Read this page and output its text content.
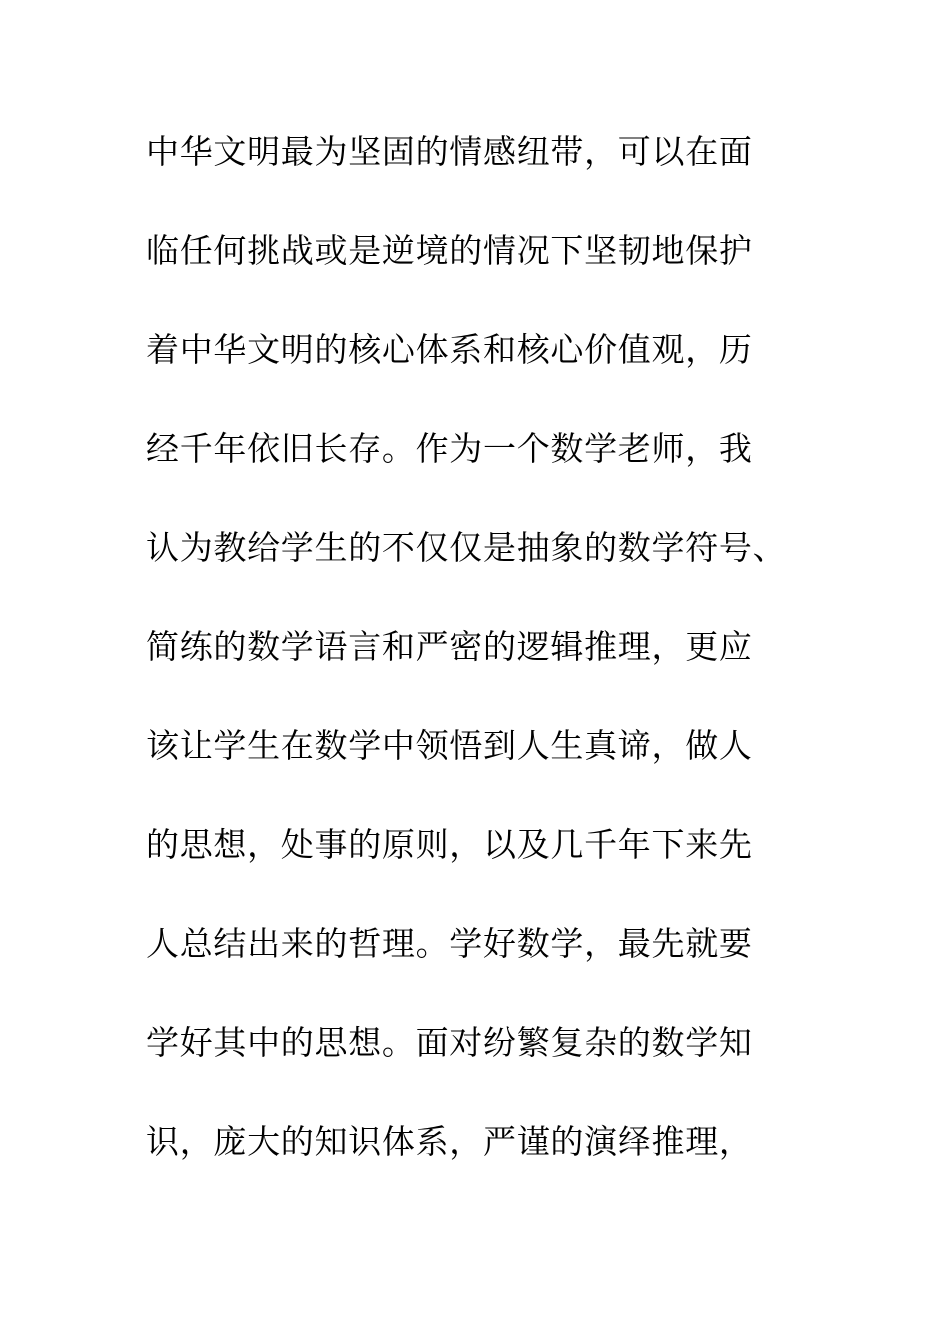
中华文明最为坚固的情感纽带，可以在面
临任何挑战或是逆境的情况下坚韧地保护
着中华文明的核心体系和核心价值观，历
经千年依旧长存。作为一个数学老师，我
认为教给学生的不仅仅是抽象的数学符号、
简练的数学语言和严密的逻辑推理，更应
该让学生在数学中领悟到人生真谛，做人
的思想，处事的原则，以及几千年下来先
人总结出来的哲理。学好数学，最先就要
学好其中的思想。面对纷繁复杂的数学知
识，庞大的知识体系，严谨的演绎推理，
